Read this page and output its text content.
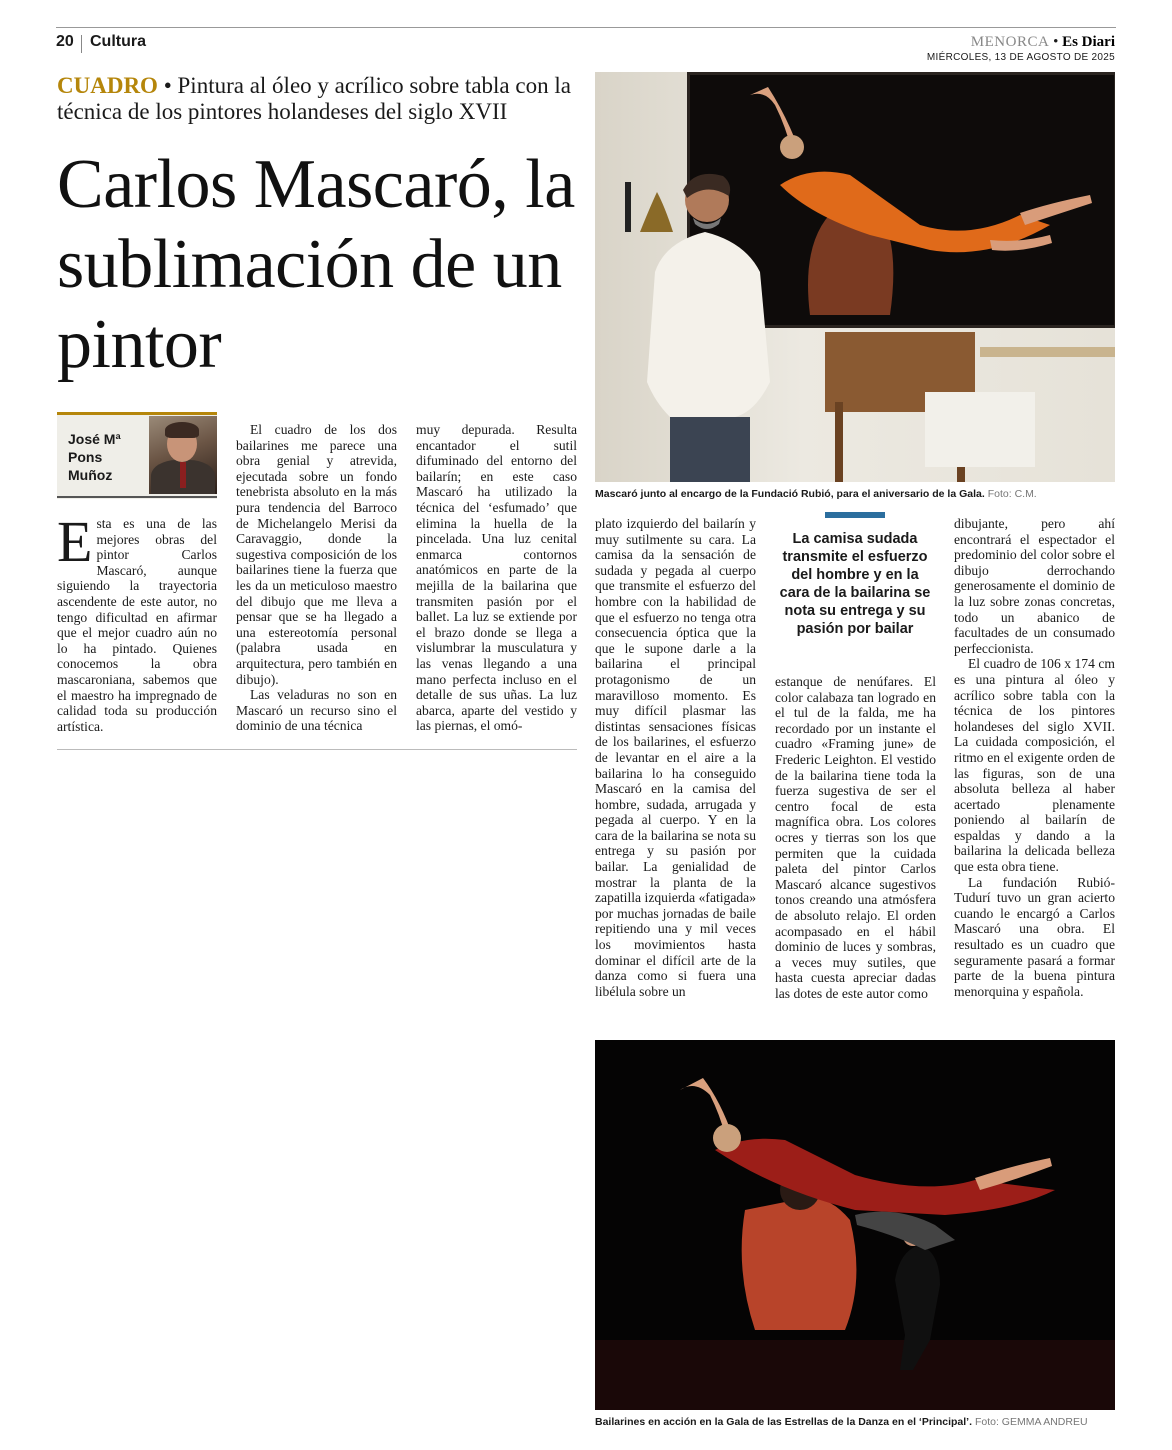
20 Cultura	MENORCA • Es Diari
MIÉRCOLES, 13 DE AGOSTO DE 2025
CUADRO • Pintura al óleo y acrílico sobre tabla con la técnica de los pintores holandeses del siglo XVII
Carlos Mascaró, la sublimación de un pintor
José Mª Pons Muñoz

Esta es una de las mejores obras del pintor Carlos Mascaró, aunque siguiendo la trayectoria ascendente de este autor, no tengo dificultad en afirmar que el mejor cuadro aún no lo ha pintado. Quienes conocemos la obra mascaroniana, sabemos que el maestro ha impregnado de calidad toda su producción artística.

El cuadro de los dos bailarines me parece una obra genial y atrevida, ejecutada sobre un fondo tenebrista absoluto en la más pura tendencia del Barroco de Michelangelo Merisi da Caravaggio, donde la sugestiva composición de los bailarines tiene la fuerza que les da un meticuloso maestro del dibujo que me lleva a pensar que se ha llegado a una estereotomía personal (palabra usada en arquitectura, pero también en dibujo).

Las veladuras no son en Mascaró un recurso sino el dominio de una técnica

muy depurada. Resulta encantador el sutil difuminado del entorno del bailarín; en este caso Mascaró ha utilizado la técnica del ‘esfumado’ que elimina la huella de la pincelada. Una luz cenital enmarca contornos anatómicos en parte de la mejilla de la bailarina que transmiten pasión por el ballet. La luz se extiende por el brazo donde se llega a vislumbrar la musculatura y las venas llegando a una mano perfecta incluso en el detalle de sus uñas. La luz abarca, aparte del vestido y las piernas, el omó-

Mascaró junto al encargo de la Fundació Rubió, para el aniversario de la Gala. Foto: C.M.

plato izquierdo del bailarín y muy sutilmente su cara. La camisa da la sensación de sudada y pegada al cuerpo que transmite el esfuerzo del hombre con la habilidad de que el esfuerzo no tenga otra consecuencia óptica que la que le supone darle a la bailarina el principal protagonismo de un maravilloso momento. Es muy difícil plasmar las distintas sensaciones físicas de los bailarines, el esfuerzo de levantar en el aire a la bailarina lo ha conseguido Mascaró en la camisa del hombre, sudada, arrugada y pegada al cuerpo. Y en la cara de la bailarina se nota su entrega y su pasión por bailar. La genialidad de mostrar la planta de la zapatilla izquierda «fatigada» por muchas jornadas de baile repitiendo una y mil veces los movimientos hasta dominar el difícil arte de la danza como si fuera una libélula sobre un

La camisa sudada transmite el esfuerzo del hombre y en la cara de la bailarina se nota su entrega y su pasión por bailar

estanque de nenúfares. El color calabaza tan logrado en el tul de la falda, me ha recordado por un instante el cuadro «Framing june» de Frederic Leighton. El vestido de la bailarina tiene toda la fuerza sugestiva de ser el centro focal de esta magnífica obra. Los colores ocres y tierras son los que permiten que la cuidada paleta del pintor Carlos Mascaró alcance sugestivos tonos creando una atmósfera de absoluto relajo. El orden acompasado en el hábil dominio de luces y sombras, a veces muy sutiles, que hasta cuesta apreciar dadas las dotes de este autor como

dibujante, pero ahí encontrará el espectador el predominio del color sobre el dibujo derrochando generosamente el dominio de la luz sobre zonas concretas, todo un abanico de facultades de un consumado perfeccionista.

El cuadro de 106 x 174 cm es una pintura al óleo y acrílico sobre tabla con la técnica de los pintores holandeses del siglo XVII. La cuidada composición, el ritmo en el exigente orden de las figuras, son de una absoluta belleza al haber acertado plenamente poniendo al bailarín de espaldas y dando a la bailarina la delicada belleza que esta obra tiene.

La fundación Rubió-Tudurí tuvo un gran acierto cuando le encargó a Carlos Mascaró una obra. El resultado es un cuadro que seguramente pasará a formar parte de la buena pintura menorquina y española.

Bailarines en acción en la Gala de las Estrellas de la Danza en el ‘Principal’. Foto: GEMMA ANDREU
